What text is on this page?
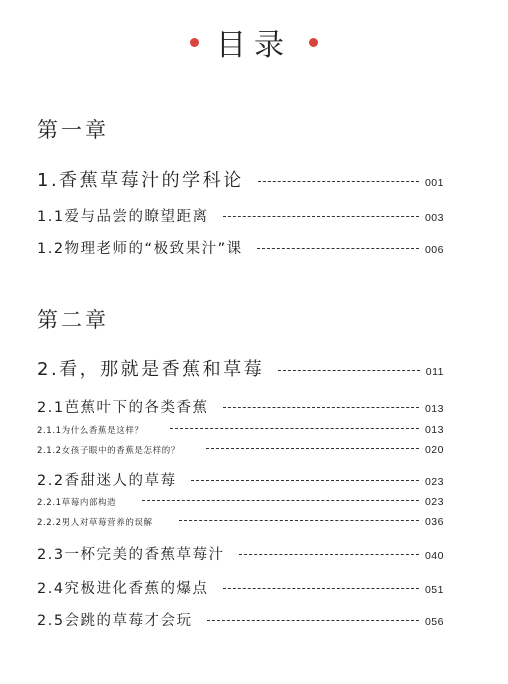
目录
第一章
1.香蕉草莓汁的学科论	001
1.1爱与品尝的瞭望距离	003
1.2物理老师的“极致果汁”课	006
第二章
2.看，那就是香蕉和草莓	011
2.1芭蕉叶下的各类香蕉	013
2.1.1为什么香蕉是这样？	013
2.1.2女孩子眼中的香蕉是怎样的？	020
2.2香甜迷人的草莓	023
2.2.1草莓内部构造	023
2.2.2男人对草莓营养的误解	036
2.3一杯完美的香蕉草莓汁	040
2.4究极进化香蕉的爆点	051
2.5会跳的草莓才会玩	056
